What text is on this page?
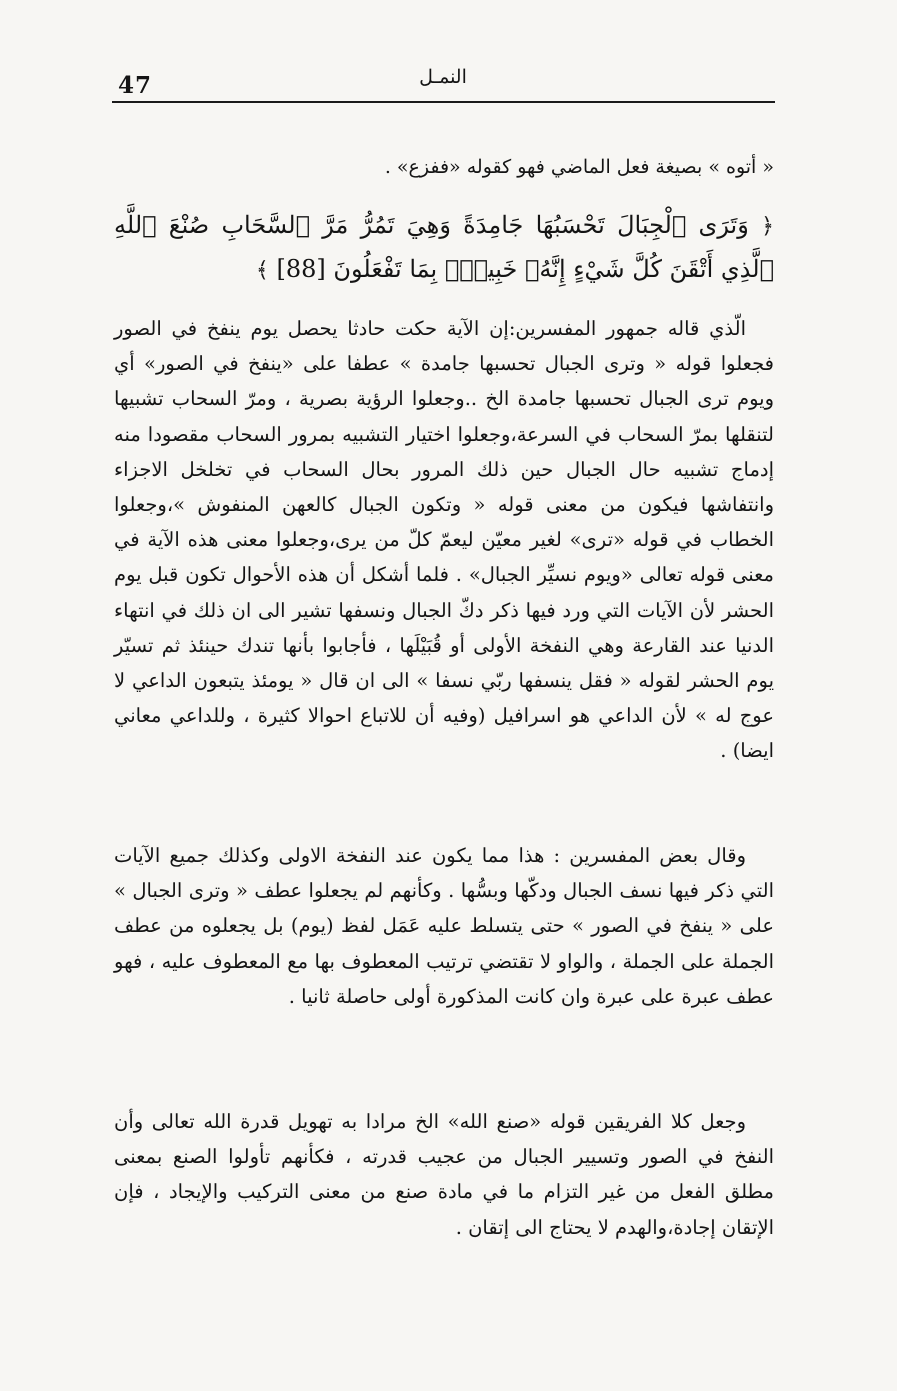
47	النمـل
« أتوه » بصيغة فعل الماضي فهو كقوله «ففزع» .
﴿ وَتَرَى ٱلْجِبَالَ تَحْسَبُهَا جَامِدَةً وَهِيَ تَمُرُّ مَرَّ ٱلسَّحَابِ صُنْعَ ٱللَّهِ ٱلَّذِي أَتْقَنَ كُلَّ شَيْءٍ إِنَّهُۥ خَبِيرٌۢ بِمَا تَفْعَلُونَ [88] ﴾

الّذي قاله جمهور المفسرين:إن الآية حكت حادثا يحصل يوم ينفخ في الصور فجعلوا قوله « وترى الجبال تحسبها جامدة » عطفا على «ينفخ في الصور» أي ويوم ترى الجبال تحسبها جامدة الخ ..وجعلوا الرؤية بصرية ، ومرّ السحاب تشبيها لتنقلها بمرّ السحاب في السرعة،وجعلوا اختيار التشبيه بمرور السحاب مقصودا منه إدماج تشبيه حال الجبال حين ذلك المرور بحال السحاب في تخلخل الاجزاء وانتفاشها فيكون من معنى قوله « وتكون الجبال كالعهن المنفوش »،وجعلوا الخطاب في قوله «ترى» لغير معيّن ليعمّ كلّ من يرى،وجعلوا معنى هذه الآية في معنى قوله تعالى «ويوم نسيِّر الجبال» . فلما أشكل أن هذه الأحوال تكون قبل يوم الحشر لأن الآيات التي ورد فيها ذكر دكّ الجبال ونسفها تشير الى ان ذلك في انتهاء الدنيا عند القارعة وهي النفخة الأولى أو قُبَيْلَها ، فأجابوا بأنها تندك حينئذ ثم تسيّر يوم الحشر لقوله « فقل ينسفها ربّي نسفا » الى ان قال « يومئذ يتبعون الداعي لا عوج له » لأن الداعي هو اسرافيل (وفيه أن للاتباع احوالا كثيرة ، وللداعي معاني ايضا) .

وقال بعض المفسرين : هذا مما يكون عند النفخة الاولى وكذلك جميع الآيات التي ذكر فيها نسف الجبال ودكّها وبسُّها . وكأنهم لم يجعلوا عطف « وترى الجبال » على « ينفخ في الصور » حتى يتسلط عليه عَمَل لفظ (يوم) بل يجعلوه من عطف الجملة على الجملة ، والواو لا تقتضي ترتيب المعطوف بها مع المعطوف عليه ، فهو عطف عبرة على عبرة وان كانت المذكورة أولى حاصلة ثانيا .

وجعل كلا الفريقين قوله «صنع الله» الخ مرادا به تهويل قدرة الله تعالى وأن النفخ في الصور وتسيير الجبال من عجيب قدرته ، فكأنهم تأولوا الصنع بمعنى مطلق الفعل من غير التزام ما في مادة صنع من معنى التركيب والإيجاد ، فإن الإتقان إجادة،والهدم لا يحتاج الى إتقان .
